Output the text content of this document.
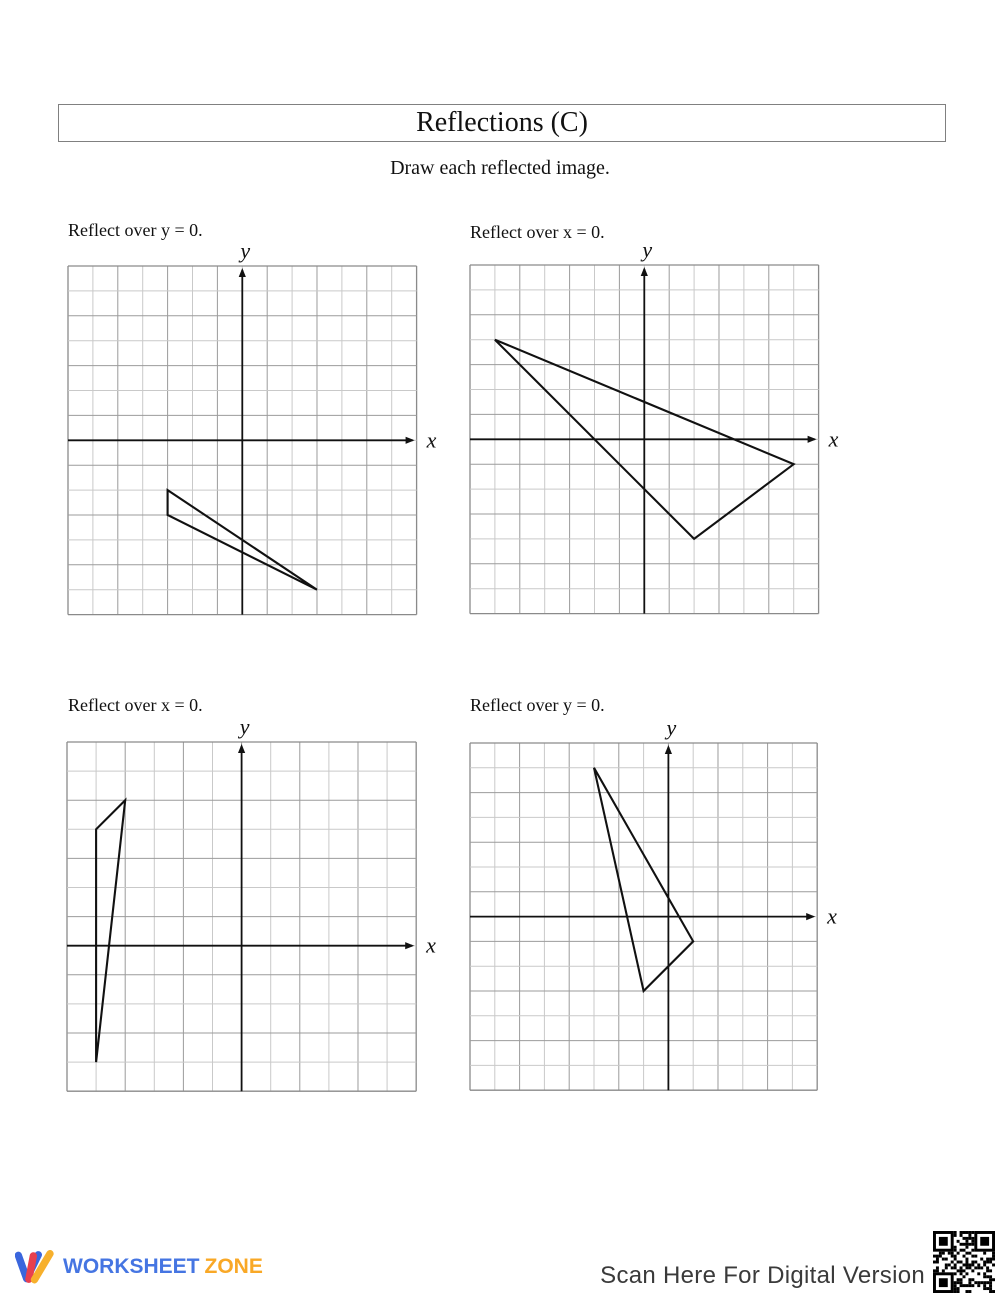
Reflections (C)
Draw each reflected image.
Reflect over y = 0.	Reflect over x = 0.
Reflect over x = 0.	Reflect over y = 0.
x
y
x
y
x
y
x
y
WORKSHEET ZONE	Scan Here For Digital Version
